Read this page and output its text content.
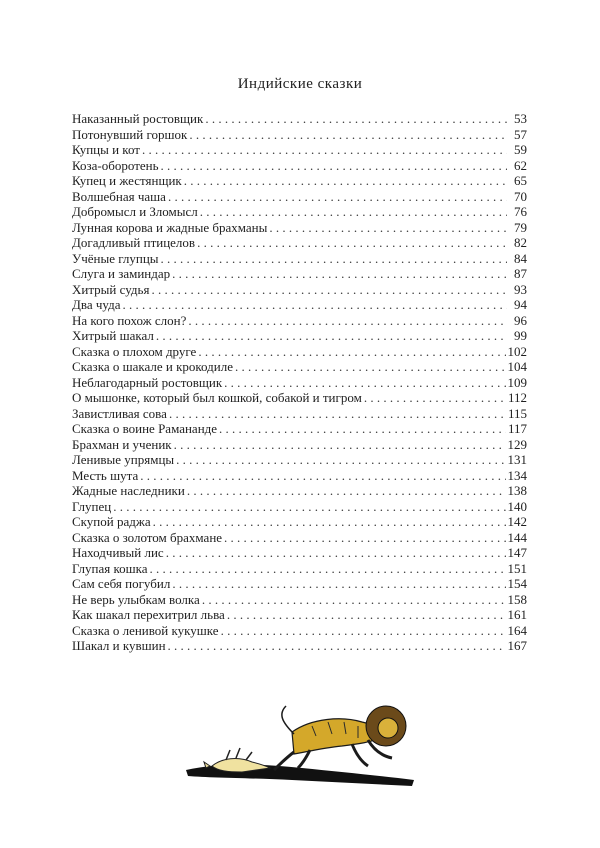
Индийские сказки
Наказанный ростовщик . . .	53
Потонувший горшок . . .	57
Купцы и кот . . .	59
Коза-оборотень . . .	62
Купец и жестянщик . . .	65
Волшебная чаша . . .	70
Добромысл и Зломысл . . .	76
Лунная корова и жадные брахманы . . .	79
Догадливый птицелов . . .	82
Учёные глупцы . . .	84
Слуга и заминдар . . .	87
Хитрый судья . . .	93
Два чуда . . .	94
На кого похож слон? . . .	96
Хитрый шакал . . .	99
Сказка о плохом друге . . .	102
Сказка о шакале и крокодиле . . .	104
Неблагодарный ростовщик . . .	109
О мышонке, который был кошкой, собакой и тигром . . .	112
Завистливая сова . . .	115
Сказка о воине Рамананде . . .	117
Брахман и ученик . . .	129
Ленивые упрямцы . . .	131
Месть шута . . .	134
Жадные наследники . . .	138
Глупец . . .	140
Скупой раджа . . .	142
Сказка о золотом брахмане . . .	144
Находчивый лис . . .	147
Глупая кошка . . .	151
Сам себя погубил . . .	154
Не верь улыбкам волка . . .	158
Как шакал перехитрил льва . . .	161
Сказка о ленивой кукушке . . .	164
Шакал и кувшин . . .	167
